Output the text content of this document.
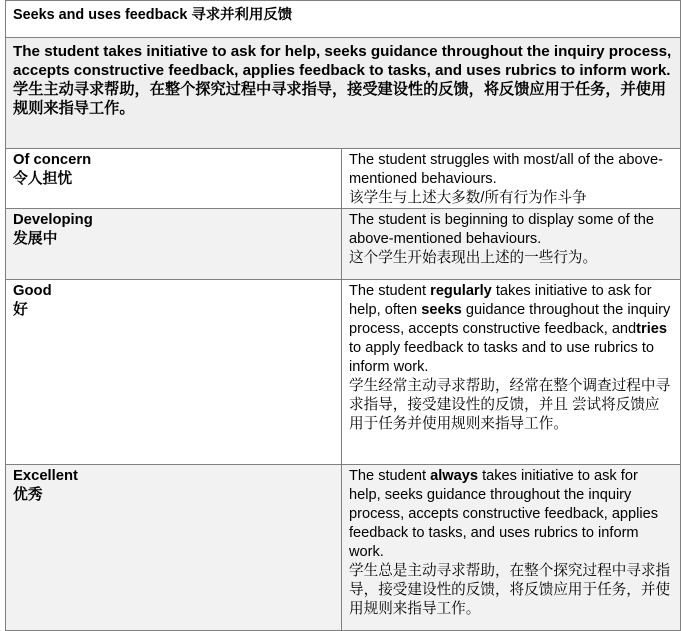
Seeks and uses feedback 寻求并利用反馈	

The student takes initiative to ask for help, seeks guidance throughout the inquiry process, accepts constructive feedback, applies feedback to tasks, and uses rubrics to inform work.
学生主动寻求帮助，在整个探究过程中寻求指导，接受建设性的反馈，将反馈应用于任务，并使用规则来指导工作。	

Of concern
令人担忧	The student struggles with most/all of the above-mentioned behaviours.
该学生与上述大多数/所有行为作斗争

Developing
发展中	The student is beginning to display some of the above-mentioned behaviours.
这个学生开始表现出上述的一些行为。

Good
好	The student regularly takes initiative to ask for help, often seeks guidance throughout the inquiry process, accepts constructive feedback, andtries to apply feedback to tasks and to use rubrics to inform work.
学生经常主动寻求帮助，经常在整个调查过程中寻求指导，接受建设性的反馈，并且 尝试将反馈应用于任务并使用规则来指导工作。

Excellent
优秀	The student always takes initiative to ask for help, seeks guidance throughout the inquiry process, accepts constructive feedback, applies feedback to tasks, and uses rubrics to inform work.
学生总是主动寻求帮助，在整个探究过程中寻求指导，接受建设性的反馈，将反馈应用于任务，并使用规则来指导工作。
